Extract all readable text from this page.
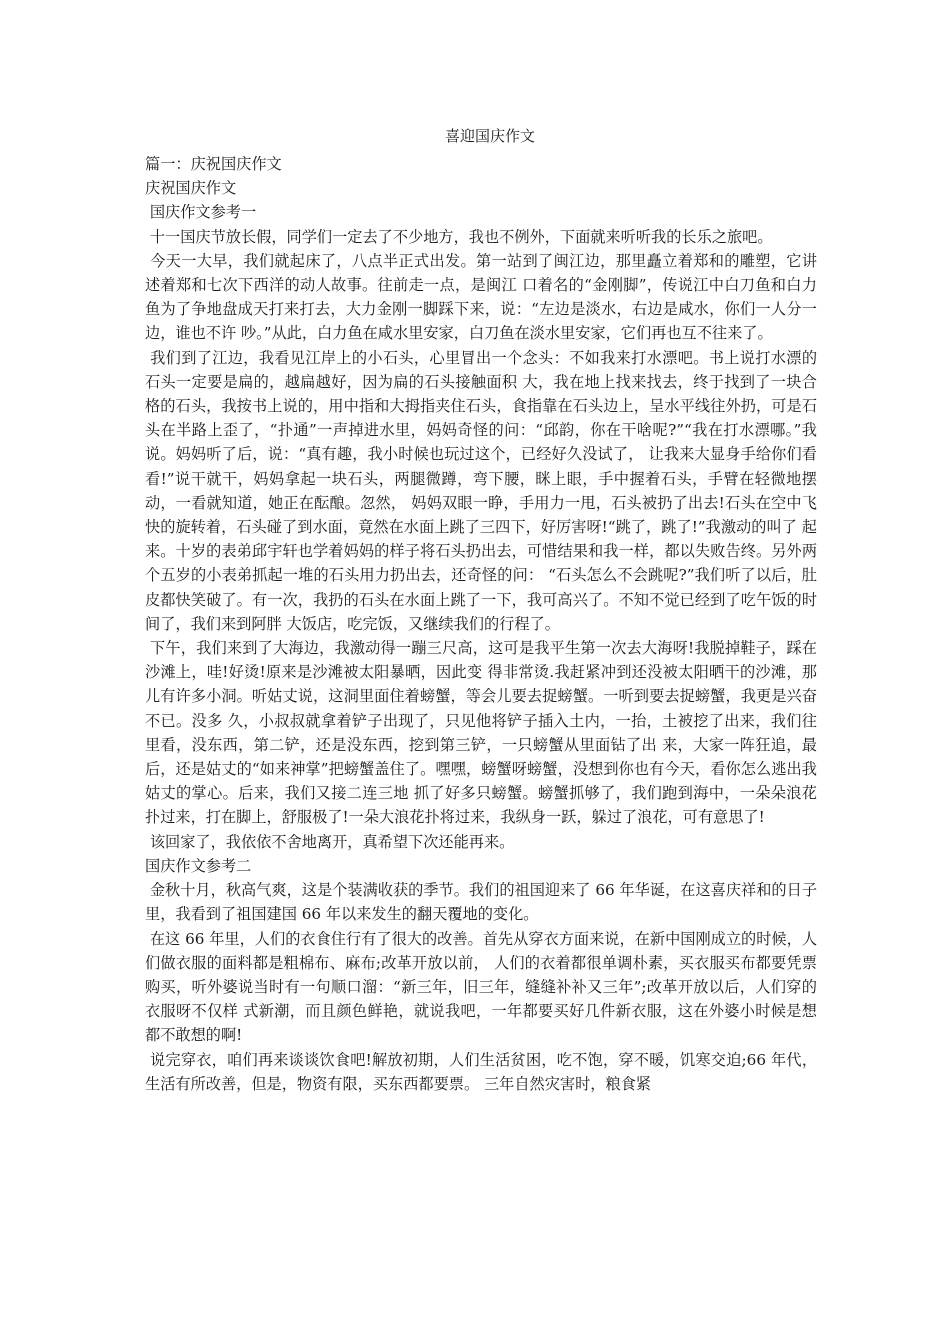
喜迎国庆作文

篇一：庆祝国庆作文

庆祝国庆作文

国庆作文参考一

十一国庆节放长假，同学们一定去了不少地方，我也不例外，下面就来听听我的长乐之旅吧。

今天一大早，我们就起床了，八点半正式出发。第一站到了闽江边，那里矗立着郑和的雕塑，它讲述着郑和七次下西洋的动人故事。往前走一点，是闽江 口着名的“金刚脚”，传说江中白刀鱼和白力鱼为了争地盘成天打来打去，大力金刚一脚踩下来，说：“左边是淡水，右边是咸水，你们一人分一边，谁也不许 吵。”从此，白力鱼在咸水里安家，白刀鱼在淡水里安家，它们再也互不往来了。

我们到了江边，我看见江岸上的小石头，心里冒出一个念头：不如我来打水漂吧。书上说打水漂的石头一定要是扁的，越扁越好，因为扁的石头接触面积 大，我在地上找来找去，终于找到了一块合格的石头，我按书上说的，用中指和大拇指夹住石头，食指靠在石头边上，呈水平线往外扔，可是石头在半路上歪了，“扑通”一声掉进水里，妈妈奇怪的问：“邱韵，你在干啥呢?”“我在打水漂哪。”我说。妈妈听了后，说：“真有趣，我小时候也玩过这个，已经好久没试了， 让我来大显身手给你们看看!”说干就干，妈妈拿起一块石头，两腿微蹲，弯下腰，眯上眼，手中握着石头，手臂在轻微地摆动，一看就知道，她正在酝酿。忽然， 妈妈双眼一睁，手用力一甩，石头被扔了出去!石头在空中飞快的旋转着，石头碰了到水面，竟然在水面上跳了三四下，好厉害呀!“跳了，跳了!”我激动的叫了 起来。十岁的表弟邱宇轩也学着妈妈的样子将石头扔出去，可惜结果和我一样，都以失败告终。另外两个五岁的小表弟抓起一堆的石头用力扔出去，还奇怪的问： “石头怎么不会跳呢?”我们听了以后，肚皮都快笑破了。有一次，我扔的石头在水面上跳了一下，我可高兴了。不知不觉已经到了吃午饭的时间了，我们来到阿胖 大饭店，吃完饭，又继续我们的行程了。

下午，我们来到了大海边，我激动得一蹦三尺高，这可是我平生第一次去大海呀!我脱掉鞋子，踩在沙滩上，哇!好烫!原来是沙滩被太阳暴晒，因此变 得非常烫.我赶紧冲到还没被太阳晒干的沙滩，那儿有许多小洞。听姑丈说，这洞里面住着螃蟹，等会儿要去捉螃蟹。一听到要去捉螃蟹，我更是兴奋不已。没多 久，小叔叔就拿着铲子出现了，只见他将铲子插入土内，一抬，土被挖了出来，我们往里看，没东西，第二铲，还是没东西，挖到第三铲，一只螃蟹从里面钻了出 来，大家一阵狂追，最后，还是姑丈的“如来神掌”把螃蟹盖住了。嘿嘿，螃蟹呀螃蟹，没想到你也有今天，看你怎么逃出我姑丈的掌心。后来，我们又接二连三地 抓了好多只螃蟹。螃蟹抓够了，我们跑到海中，一朵朵浪花扑过来，打在脚上，舒服极了!一朵大浪花扑将过来，我纵身一跃，躲过了浪花，可有意思了!

该回家了，我依依不舍地离开，真希望下次还能再来。

国庆作文参考二

金秋十月，秋高气爽，这是个装满收获的季节。我们的祖国迎来了 66 年华诞，在这喜庆祥和的日子里，我看到了祖国建国 66 年以来发生的翻天覆地的变化。

在这 66 年里，人们的衣食住行有了很大的改善。首先从穿衣方面来说，在新中国刚成立的时候，人们做衣服的面料都是粗棉布、麻布;改革开放以前， 人们的衣着都很单调朴素，买衣服买布都要凭票购买，听外婆说当时有一句顺口溜：“新三年，旧三年，缝缝补补又三年”;改革开放以后，人们穿的衣服呀不仅样 式新潮，而且颜色鲜艳，就说我吧，一年都要买好几件新衣服，这在外婆小时候是想都不敢想的啊!

说完穿衣，咱们再来谈谈饮食吧!解放初期，人们生活贫困，吃不饱，穿不暖，饥寒交迫;66 年代，生活有所改善，但是，物资有限，买东西都要票。 三年自然灾害时，粮食紧
